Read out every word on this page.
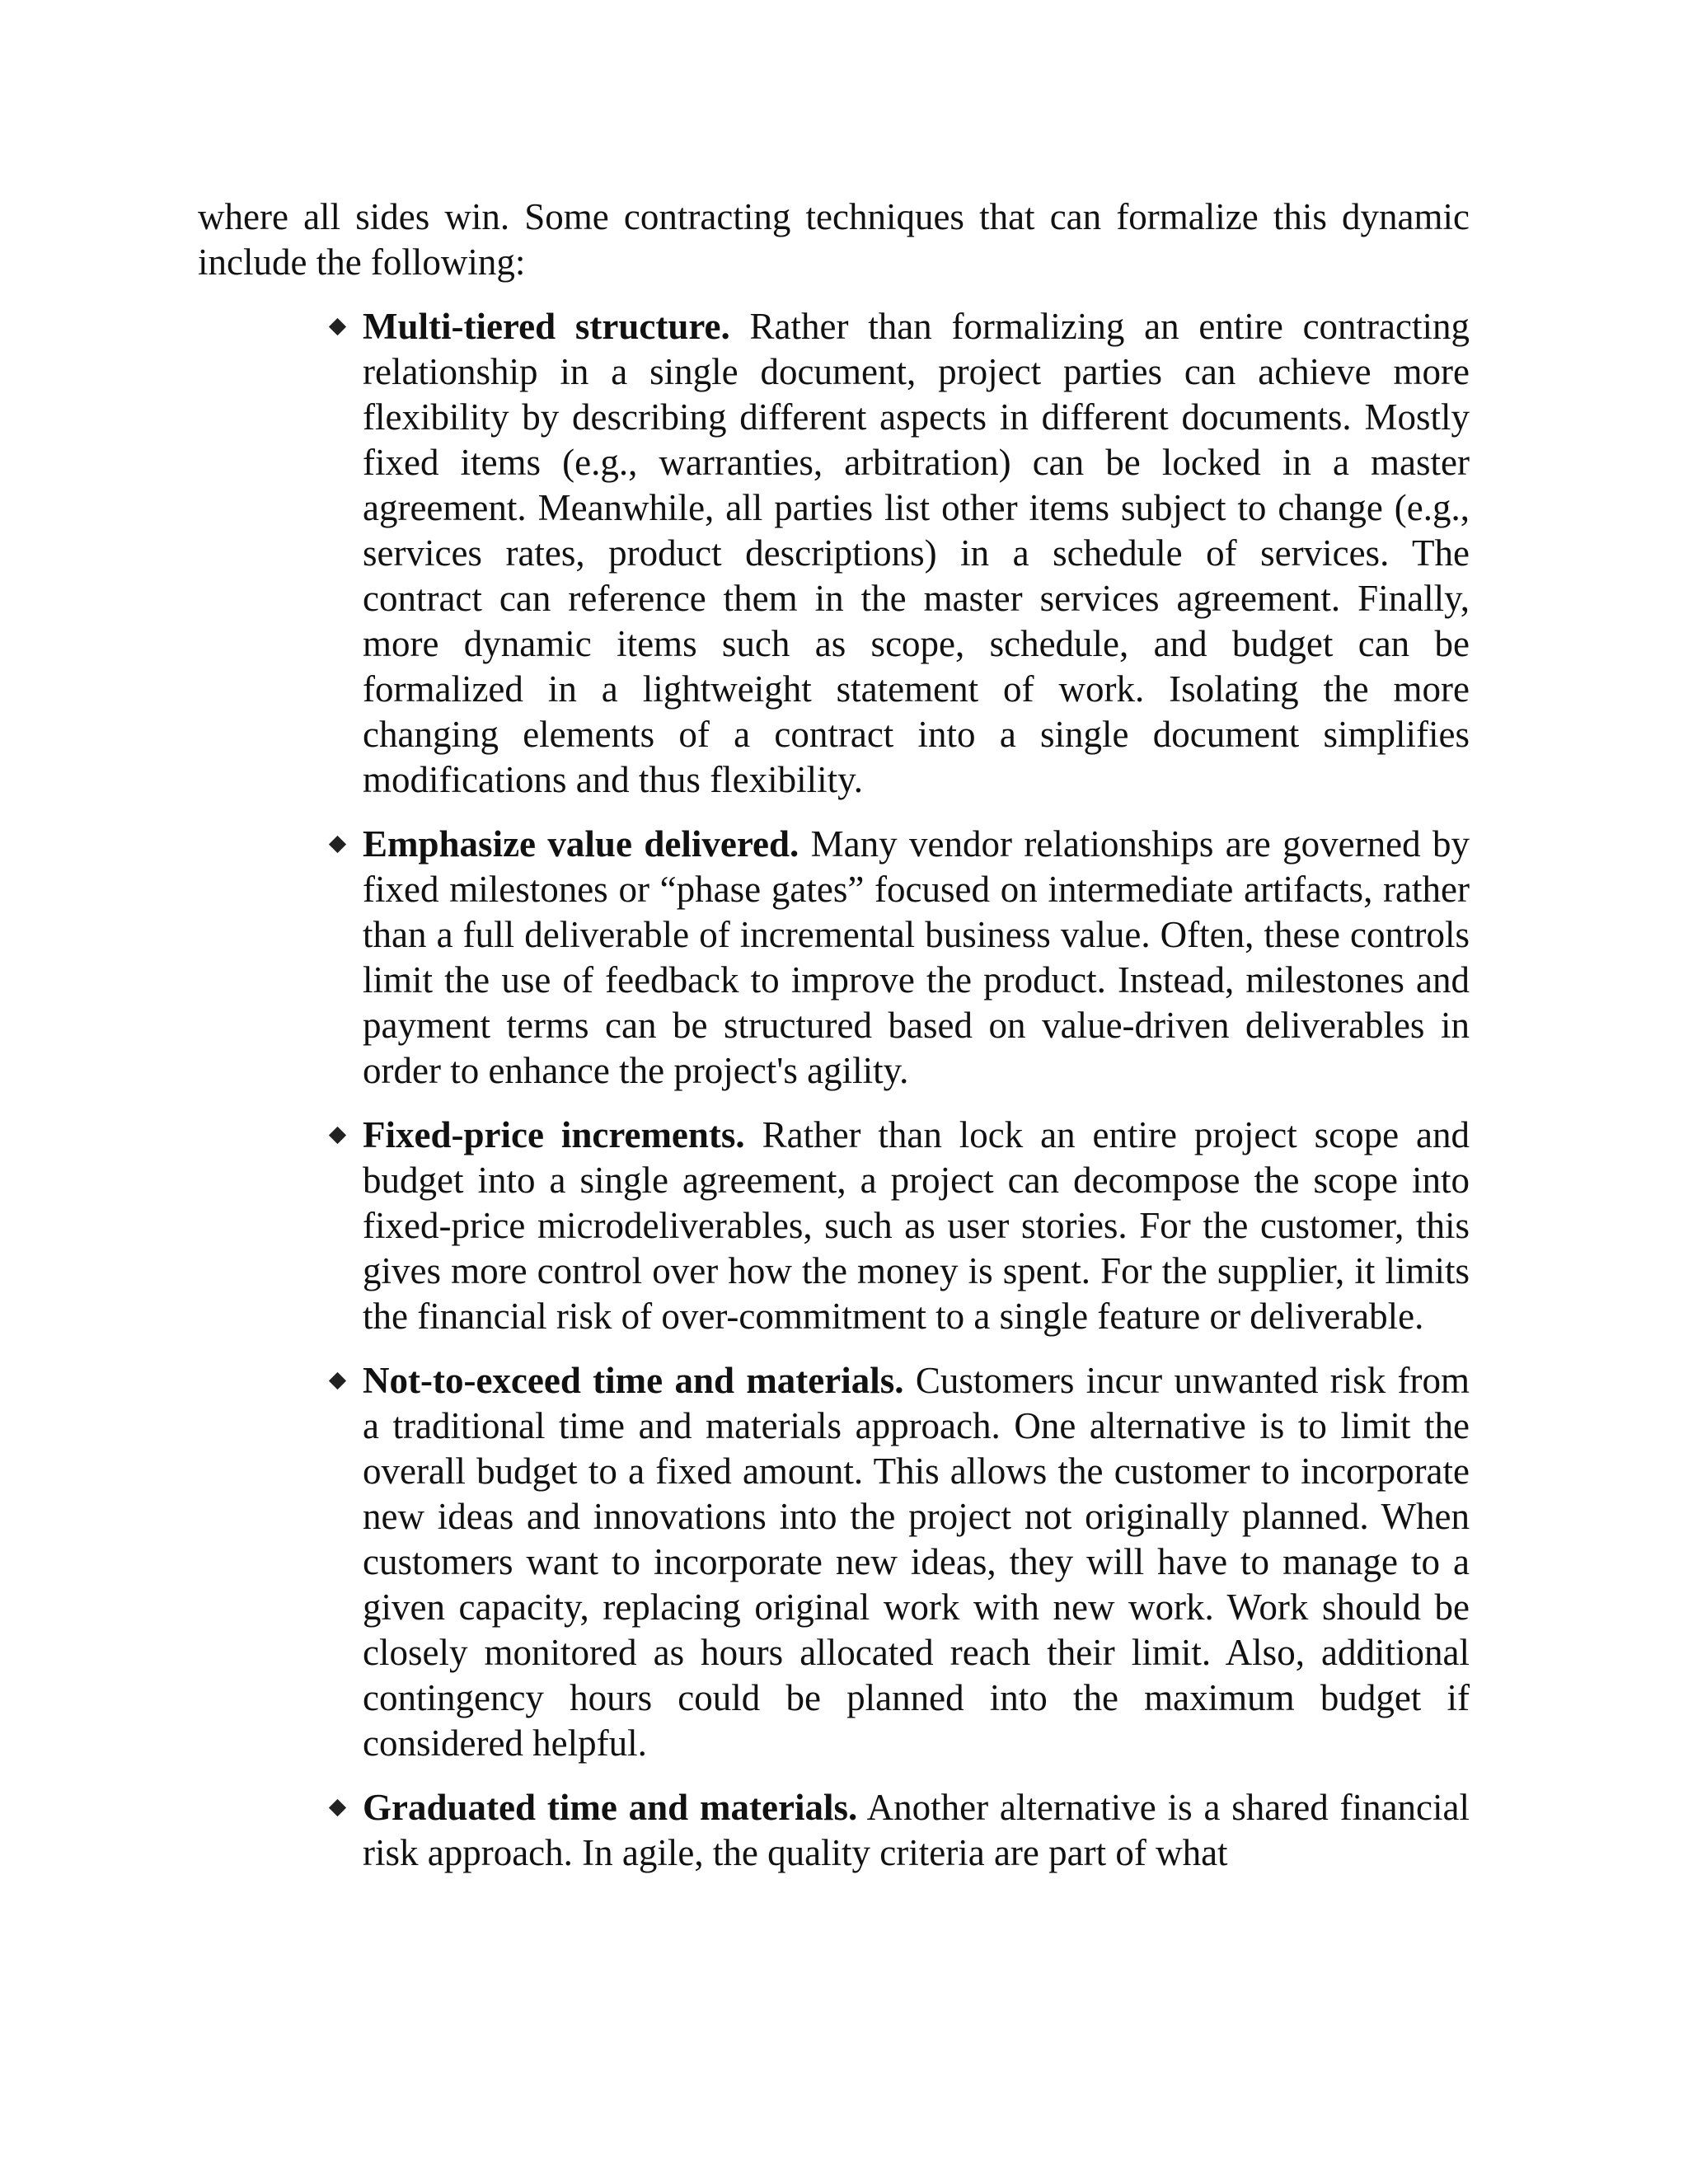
where all sides win. Some contracting techniques that can formalize this dynamic include the following:

Multi-tiered structure. Rather than formalizing an entire contracting relationship in a single document, project parties can achieve more flexibility by describing different aspects in different documents. Mostly fixed items (e.g., warranties, arbitration) can be locked in a master agreement. Meanwhile, all parties list other items subject to change (e.g., services rates, product descriptions) in a schedule of services. The contract can reference them in the master services agreement. Finally, more dynamic items such as scope, schedule, and budget can be formalized in a lightweight statement of work. Isolating the more changing elements of a contract into a single document simplifies modifications and thus flexibility.
Emphasize value delivered. Many vendor relationships are governed by fixed milestones or “phase gates” focused on intermediate artifacts, rather than a full deliverable of incremental business value. Often, these controls limit the use of feedback to improve the product. Instead, milestones and payment terms can be structured based on value-driven deliverables in order to enhance the project's agility.
Fixed-price increments. Rather than lock an entire project scope and budget into a single agreement, a project can decompose the scope into fixed-price microdeliverables, such as user stories. For the customer, this gives more control over how the money is spent. For the supplier, it limits the financial risk of over-commitment to a single feature or deliverable.
Not-to-exceed time and materials. Customers incur unwanted risk from a traditional time and materials approach. One alternative is to limit the overall budget to a fixed amount. This allows the customer to incorporate new ideas and innovations into the project not originally planned. When customers want to incorporate new ideas, they will have to manage to a given capacity, replacing original work with new work. Work should be closely monitored as hours allocated reach their limit. Also, additional contingency hours could be planned into the maximum budget if considered helpful.
Graduated time and materials. Another alternative is a shared financial risk approach. In agile, the quality criteria are part of what
